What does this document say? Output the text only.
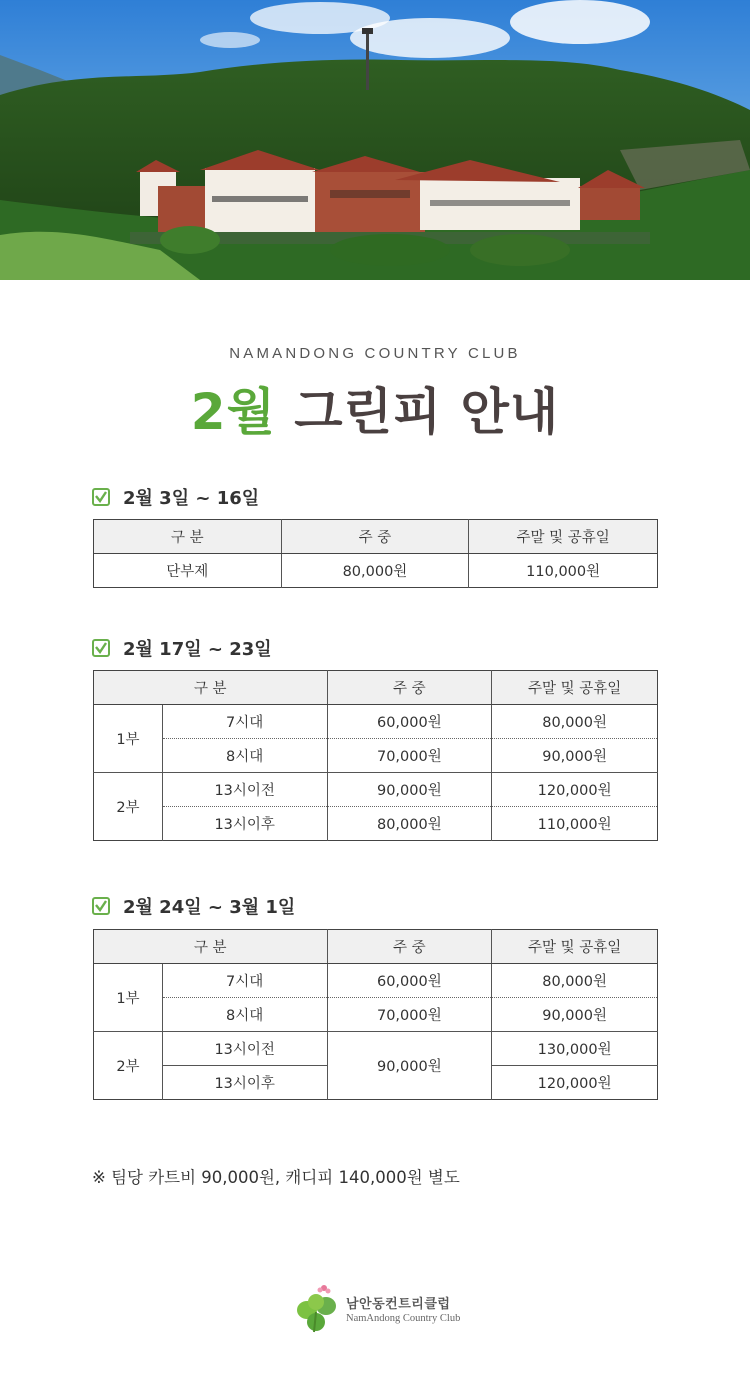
NAMANDONG COUNTRY CLUB
2월 그린피 안내
2월 3일 ~ 16일
구 분	주 중	주말 및 공휴일
단부제	80,000원	110,000원
2월 17일 ~ 23일
구 분		주 중	주말 및 공휴일
1부	7시대	60,000원	80,000원
	8시대	70,000원	90,000원
2부	13시이전	90,000원	120,000원
	13시이후	80,000원	110,000원
2월 24일 ~ 3월 1일
구 분		주 중	주말 및 공휴일
1부	7시대	60,000원	80,000원
	8시대	70,000원	90,000원
2부	13시이전	90,000원	130,000원
	13시이후		120,000원
※ 팀당 카트비 90,000원, 캐디피 140,000원 별도
남안동컨트리클럽
NamAndong Country Club
